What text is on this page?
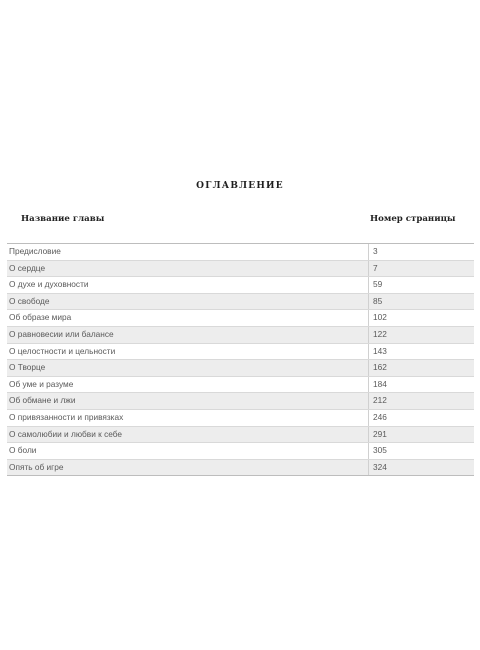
оглавление
Название главы	Номер страницы
Предисловие	3
О сердце	7
О духе и духовности	59
О свободе	85
Об образе мира	102
О равновесии или балансе	122
О целостности и цельности	143
О Творце	162
Об уме и разуме	184
Об обмане и лжи	212
О привязанности и привязках	246
О самолюбии и любви к себе	291
О боли	305
Опять об игре	324
